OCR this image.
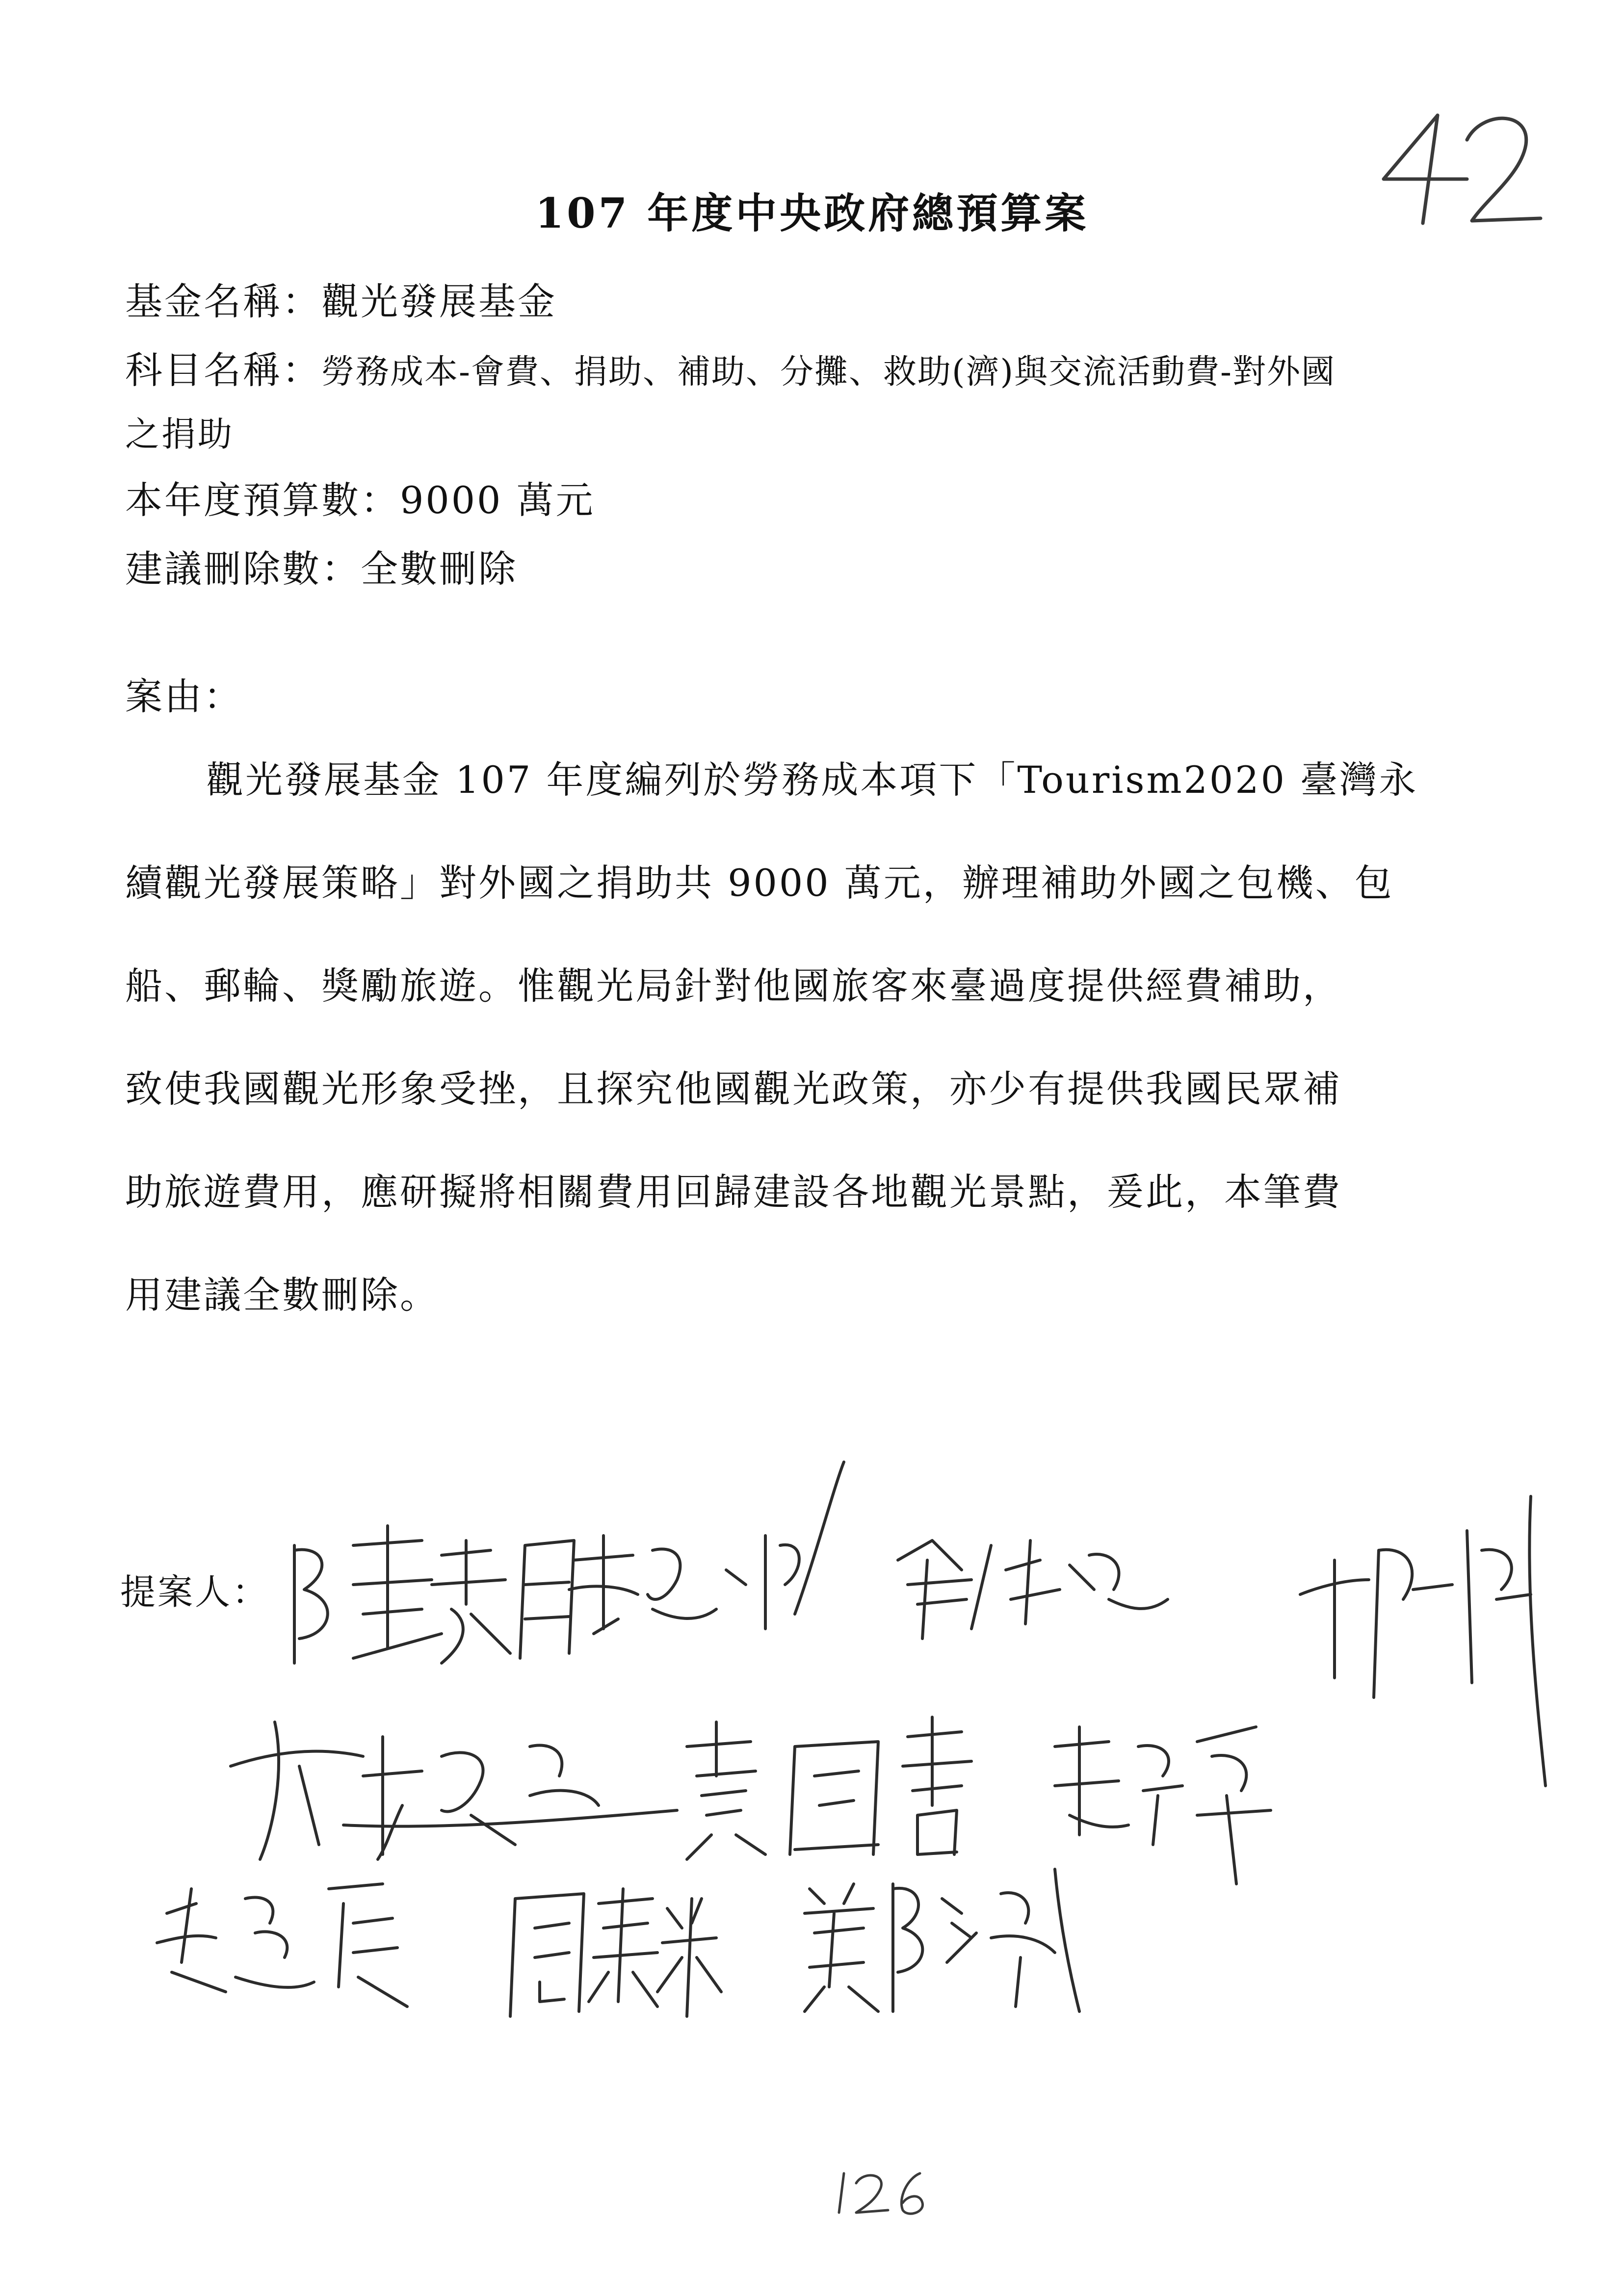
107 年度中央政府總預算案
基金名稱：觀光發展基金
科目名稱：勞務成本-會費、捐助、補助、分攤、救助(濟)與交流活動費-對外國
之捐助
本年度預算數：9000 萬元
建議刪除數：全數刪除
案由：
觀光發展基金 107 年度編列於勞務成本項下「Tourism2020 臺灣永
續觀光發展策略」對外國之捐助共 9000 萬元，辦理補助外國之包機、包
船、郵輪、獎勵旅遊。惟觀光局針對他國旅客來臺過度提供經費補助，
致使我國觀光形象受挫，且探究他國觀光政策，亦少有提供我國民眾補
助旅遊費用，應研擬將相關費用回歸建設各地觀光景點，爰此，本筆費
用建議全數刪除。
提案人：
